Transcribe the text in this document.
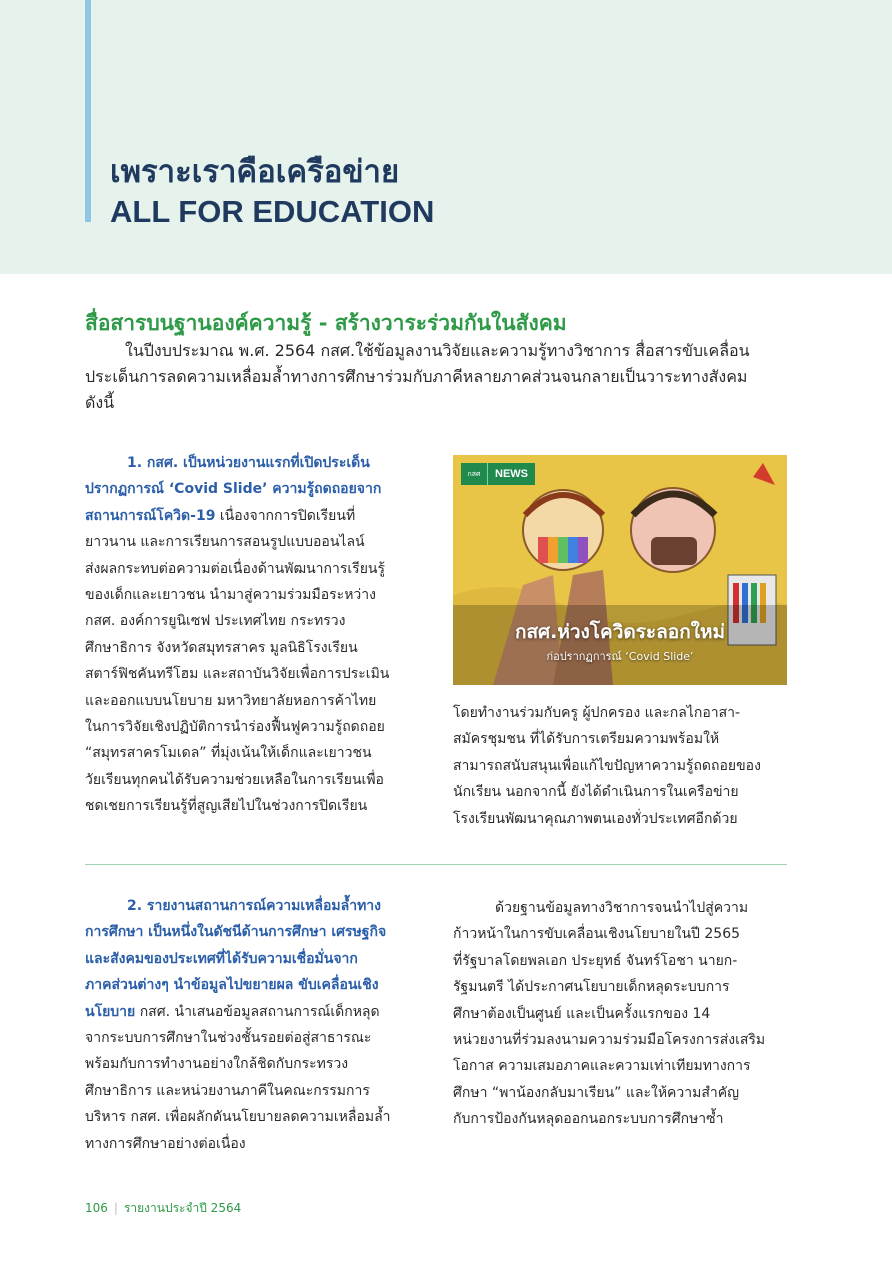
เพราะเราคือเครือข่าย
ALL FOR EDUCATION
สื่อสารบนฐานองค์ความรู้ - สร้างวาระร่วมกันในสังคม
ในปีงบประมาณ พ.ศ. 2564 กสศ.ใช้ข้อมูลงานวิจัยและความรู้ทางวิชาการ สื่อสารขับเคลื่อน
ประเด็นการลดความเหลื่อมล้ำทางการศึกษาร่วมกับภาคีหลายภาคส่วนจนกลายเป็นวาระทางสังคม
ดังนี้
1. กสศ. เป็นหน่วยงานแรกที่เปิดประเด็น
ปรากฏการณ์ ‘Covid Slide’ ความรู้ถดถอยจาก
สถานการณ์โควิด-19 เนื่องจากการปิดเรียนที่
ยาวนาน และการเรียนการสอนรูปแบบออนไลน์
ส่งผลกระทบต่อความต่อเนื่องด้านพัฒนาการเรียนรู้
ของเด็กและเยาวชน นำมาสู่ความร่วมมือระหว่าง
กสศ. องค์การยูนิเซฟ ประเทศไทย กระทรวง
ศึกษาธิการ จังหวัดสมุทรสาคร มูลนิธิโรงเรียน
สตาร์ฟิชคันทรีโฮม และสถาบันวิจัยเพื่อการประเมิน
และออกแบบนโยบาย มหาวิทยาลัยหอการค้าไทย
ในการวิจัยเชิงปฏิบัติการนำร่องฟื้นฟูความรู้ถดถอย
“สมุทรสาครโมเดล” ที่มุ่งเน้นให้เด็กและเยาวชน
วัยเรียนทุกคนได้รับความช่วยเหลือในการเรียนเพื่อ
ชดเชยการเรียนรู้ที่สูญเสียไปในช่วงการปิดเรียน
กสศ	NEWS
กสศ.ห่วงโควิดระลอกใหม่
ก่อปรากฏการณ์ ‘Covid Slide’
โดยทำงานร่วมกับครู ผู้ปกครอง และกลไกอาสา-
สมัครชุมชน ที่ได้รับการเตรียมความพร้อมให้
สามารถสนับสนุนเพื่อแก้ไขปัญหาความรู้ถดถอยของ
นักเรียน นอกจากนี้ ยังได้ดำเนินการในเครือข่าย
โรงเรียนพัฒนาคุณภาพตนเองทั่วประเทศอีกด้วย
2. รายงานสถานการณ์ความเหลื่อมล้ำทาง
การศึกษา เป็นหนึ่งในดัชนีด้านการศึกษา เศรษฐกิจ
และสังคมของประเทศที่ได้รับความเชื่อมั่นจาก
ภาคส่วนต่างๆ นำข้อมูลไปขยายผล ขับเคลื่อนเชิง
นโยบาย กสศ. นำเสนอข้อมูลสถานการณ์เด็กหลุด
จากระบบการศึกษาในช่วงชั้นรอยต่อสู่สาธารณะ
พร้อมกับการทำงานอย่างใกล้ชิดกับกระทรวง
ศึกษาธิการ และหน่วยงานภาคีในคณะกรรมการ
บริหาร กสศ. เพื่อผลักดันนโยบายลดความเหลื่อมล้ำ
ทางการศึกษาอย่างต่อเนื่อง
ด้วยฐานข้อมูลทางวิชาการจนนำไปสู่ความ
ก้าวหน้าในการขับเคลื่อนเชิงนโยบายในปี 2565
ที่รัฐบาลโดยพลเอก ประยุทธ์ จันทร์โอชา นายก-
รัฐมนตรี ได้ประกาศนโยบายเด็กหลุดระบบการ
ศึกษาต้องเป็นศูนย์ และเป็นครั้งแรกของ 14
หน่วยงานที่ร่วมลงนามความร่วมมือโครงการส่งเสริม
โอกาส ความเสมอภาคและความเท่าเทียมทางการ
ศึกษา “พาน้องกลับมาเรียน” และให้ความสำคัญ
กับการป้องกันหลุดออกนอกระบบการศึกษาซ้ำ
106 | รายงานประจำปี 2564
